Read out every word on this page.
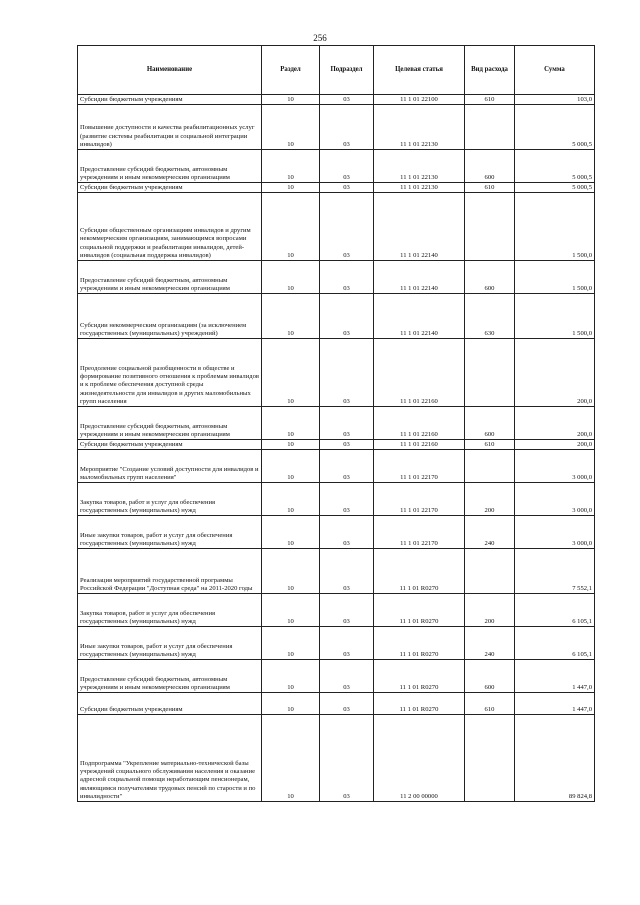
256
Наименование	Раздел	Подраздел	Целевая статья	Вид расхода	Сумма
Субсидии бюджетным учреждениям	10	03	11 1 01 22100	610	103,0
Повышение доступности и качества реабилитационных услуг (развитие системы реабилитации и социальной интеграции инвалидов)	10	03	11 1 01 22130		5 000,5
Предоставление субсидий бюджетным, автономным учреждениям и иным некоммерческим организациям	10	03	11 1 01 22130	600	5 000,5
Субсидии бюджетным учреждениям	10	03	11 1 01 22130	610	5 000,5
Субсидии общественным организациям инвалидов и другим некоммерческим организациям, занимающимся вопросами социальной поддержки и реабилитации инвалидов, детей-инвалидов (социальная поддержка инвалидов)	10	03	11 1 01 22140		1 500,0
Предоставление субсидий бюджетным, автономным учреждениям и иным некоммерческим организациям	10	03	11 1 01 22140	600	1 500,0
Субсидии некоммерческим организациям (за исключением государственных (муниципальных) учреждений)	10	03	11 1 01 22140	630	1 500,0
Преодоление социальной разобщенности в обществе и формирование позитивного отношения к проблемам инвалидов и к проблеме обеспечения доступной среды жизнедеятельности для инвалидов и других маломобильных групп населения	10	03	11 1 01 22160		200,0
Предоставление субсидий бюджетным, автономным учреждениям и иным некоммерческим организациям	10	03	11 1 01 22160	600	200,0
Субсидии бюджетным учреждениям	10	03	11 1 01 22160	610	200,0
Мероприятие "Создание условий доступности для инвалидов и маломобильных групп населения"	10	03	11 1 01 22170		3 000,0
Закупка товаров, работ и услуг для обеспечения государственных (муниципальных) нужд	10	03	11 1 01 22170	200	3 000,0
Иные закупки товаров, работ и услуг для обеспечения государственных (муниципальных) нужд	10	03	11 1 01 22170	240	3 000,0
Реализация мероприятий государственной программы Российской Федерации "Доступная среда" на 2011-2020 годы	10	03	11 1 01 R0270		7 552,1
Закупка товаров, работ и услуг для обеспечения государственных (муниципальных) нужд	10	03	11 1 01 R0270	200	6 105,1
Иные закупки товаров, работ и услуг для обеспечения государственных (муниципальных) нужд	10	03	11 1 01 R0270	240	6 105,1
Предоставление субсидий бюджетным, автономным учреждениям и иным некоммерческим организациям	10	03	11 1 01 R0270	600	1 447,0
Субсидии бюджетным учреждениям	10	03	11 1 01 R0270	610	1 447,0
Подпрограмма "Укрепление материально-технической базы учреждений социального обслуживания населения и оказание адресной социальной помощи неработающим пенсионерам, являющимся получателями трудовых пенсий по старости и по инвалидности"	10	03	11 2 00 00000		89 824,8
